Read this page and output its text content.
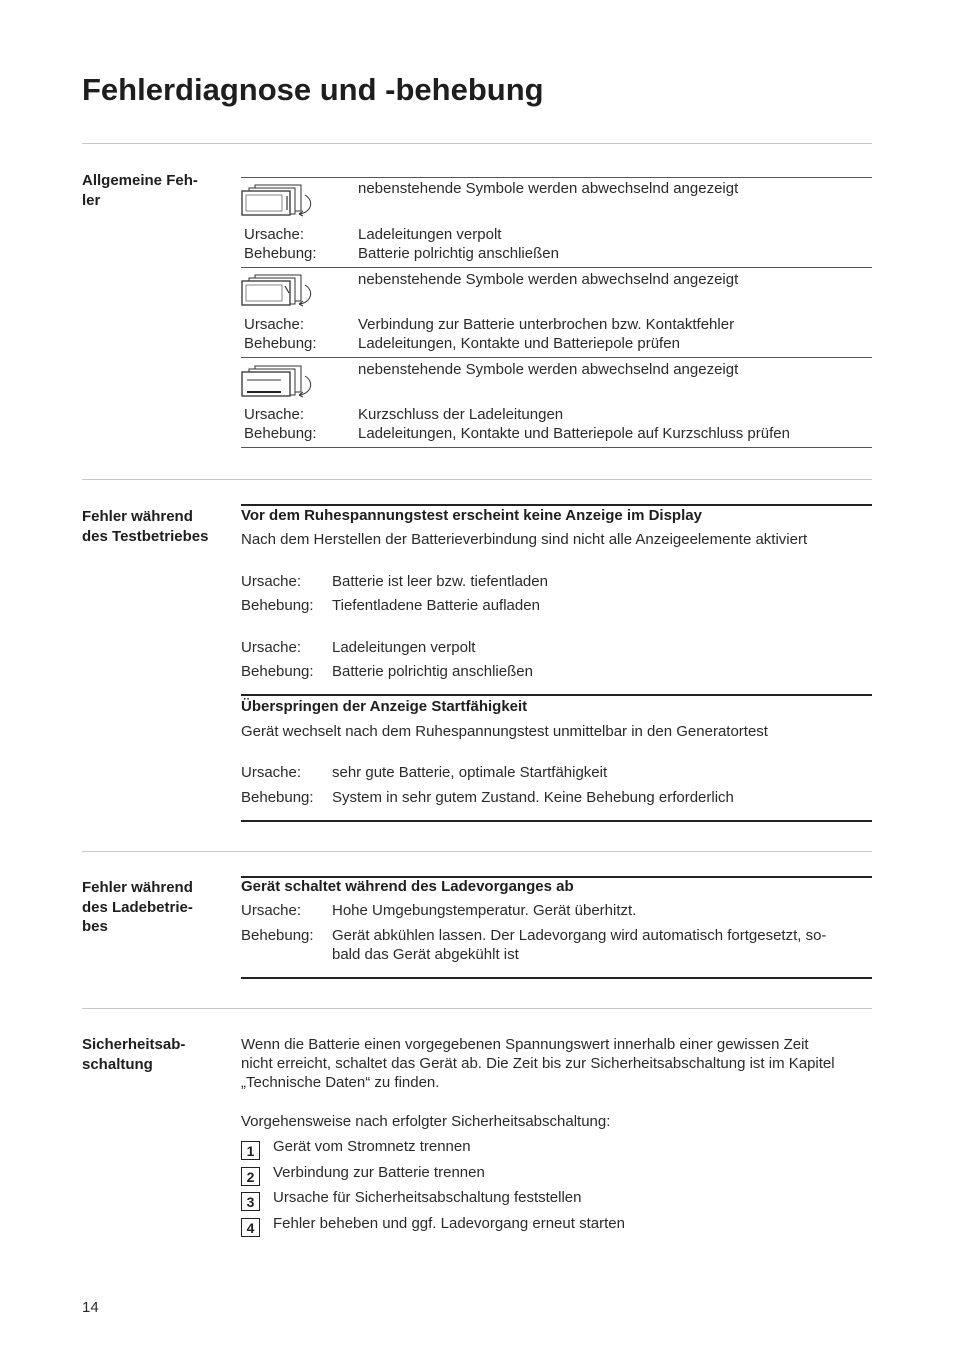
Fehlerdiagnose und -behebung
Allgemeine Feh-
ler
nebenstehende Symbole werden abwechselnd angezeigt
Ursache:	Ladeleitungen verpolt
Behebung:	Batterie polrichtig anschließen
nebenstehende Symbole werden abwechselnd angezeigt
Ursache:	Verbindung zur Batterie unterbrochen bzw. Kontaktfehler
Behebung:	Ladeleitungen, Kontakte und Batteriepole prüfen
nebenstehende Symbole werden abwechselnd angezeigt
Ursache:	Kurzschluss der Ladeleitungen
Behebung:	Ladeleitungen, Kontakte und Batteriepole auf Kurzschluss prüfen
Fehler während
des Testbetriebes
Vor dem Ruhespannungstest erscheint keine Anzeige im Display
Nach dem Herstellen der Batterieverbindung sind nicht alle Anzeigeelemente aktiviert
Ursache: Batterie ist leer bzw. tiefentladen
Behebung: Tiefentladene Batterie aufladen
Ursache: Ladeleitungen verpolt
Behebung: Batterie polrichtig anschließen
Überspringen der Anzeige Startfähigkeit
Gerät wechselt nach dem Ruhespannungstest unmittelbar in den Generatortest
Ursache: sehr gute Batterie, optimale Startfähigkeit
Behebung: System in sehr gutem Zustand. Keine Behebung erforderlich
Fehler während
des Ladebetrie-
bes
Gerät schaltet während des Ladevorganges ab
Ursache: Hohe Umgebungstemperatur. Gerät überhitzt.
Behebung: Gerät abkühlen lassen. Der Ladevorgang wird automatisch fortgesetzt, so-
bald das Gerät abgekühlt ist
Sicherheitsab-
schaltung
Wenn die Batterie einen vorgegebenen Spannungswert innerhalb einer gewissen Zeit
nicht erreicht, schaltet das Gerät ab. Die Zeit bis zur Sicherheitsabschaltung ist im Kapitel
„Technische Daten“ zu finden.
Vorgehensweise nach erfolgter Sicherheitsabschaltung:
1	Gerät vom Stromnetz trennen
2	Verbindung zur Batterie trennen
3	Ursache für Sicherheitsabschaltung feststellen
4	Fehler beheben und ggf. Ladevorgang erneut starten
14
